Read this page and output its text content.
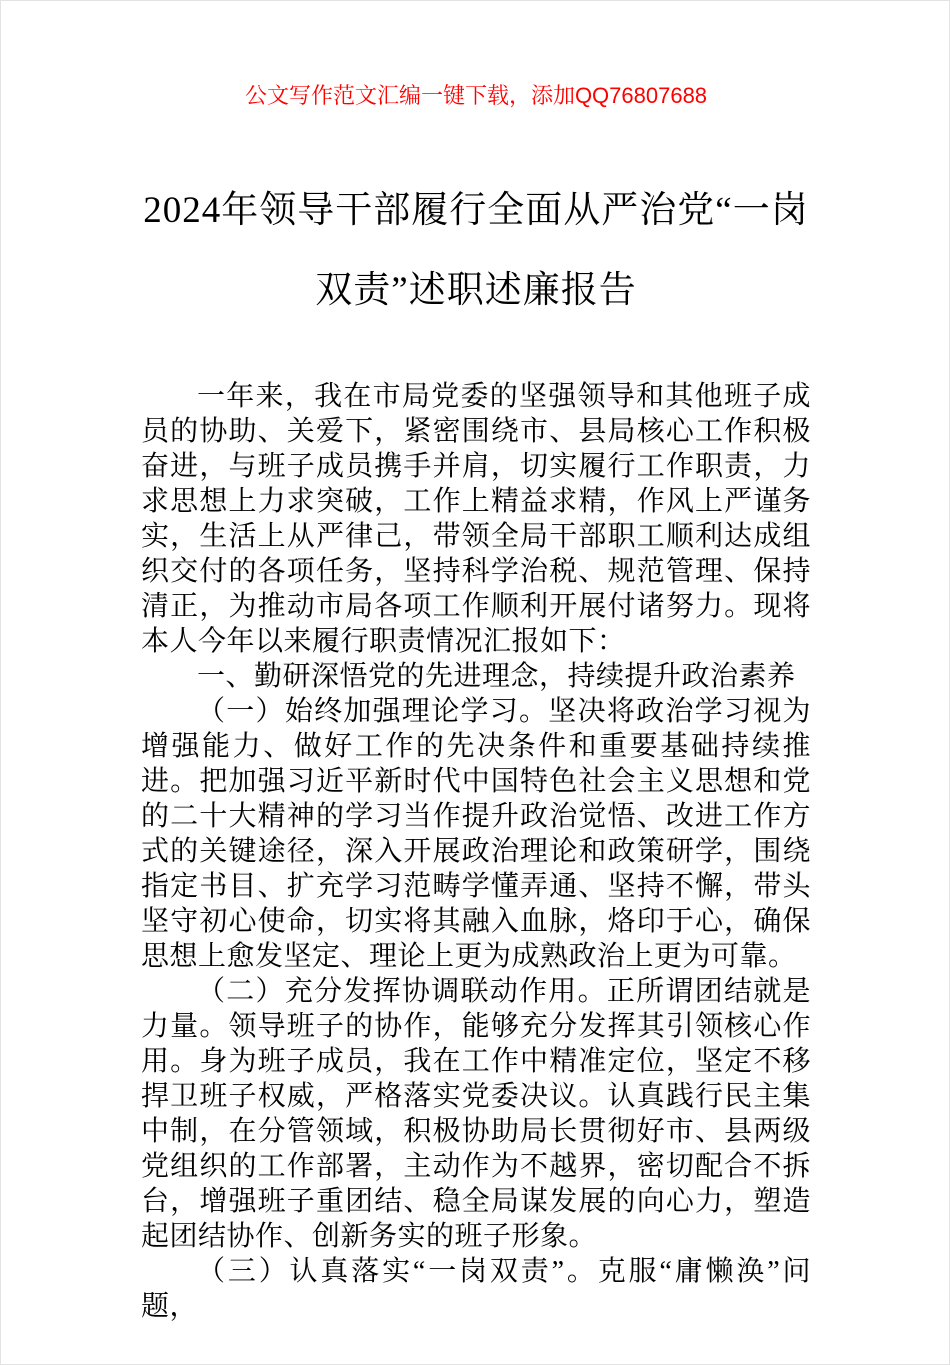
公文写作范文汇编一键下载，添加QQ76807688
2024年领导干部履行全面从严治党“一岗双责”述职述廉报告

一年来，我在市局党委的坚强领导和其他班子成员的协助、关爱下，紧密围绕市、县局核心工作积极奋进，与班子成员携手并肩，切实履行工作职责，力求思想上力求突破，工作上精益求精，作风上严谨务实，生活上从严律己，带领全局干部职工顺利达成组织交付的各项任务，坚持科学治税、规范管理、保持清正，为推动市局各项工作顺利开展付诸努力。现将本人今年以来履行职责情况汇报如下：

一、勤研深悟党的先进理念，持续提升政治素养

（一）始终加强理论学习。坚决将政治学习视为增强能力、做好工作的先决条件和重要基础持续推进。把加强习近平新时代中国特色社会主义思想和党的二十大精神的学习当作提升政治觉悟、改进工作方式的关键途径，深入开展政治理论和政策研学，围绕指定书目、扩充学习范畴学懂弄通、坚持不懈，带头坚守初心使命，切实将其融入血脉，烙印于心，确保思想上愈发坚定、理论上更为成熟政治上更为可靠。

（二）充分发挥协调联动作用。正所谓团结就是力量。领导班子的协作，能够充分发挥其引领核心作用。身为班子成员，我在工作中精准定位，坚定不移捍卫班子权威，严格落实党委决议。认真践行民主集中制，在分管领域，积极协助局长贯彻好市、县两级党组织的工作部署，主动作为不越界，密切配合不拆台，增强班子重团结、稳全局谋发展的向心力，塑造起团结协作、创新务实的班子形象。

（三）认真落实“一岗双责”。克服“庸懒涣”问题，
